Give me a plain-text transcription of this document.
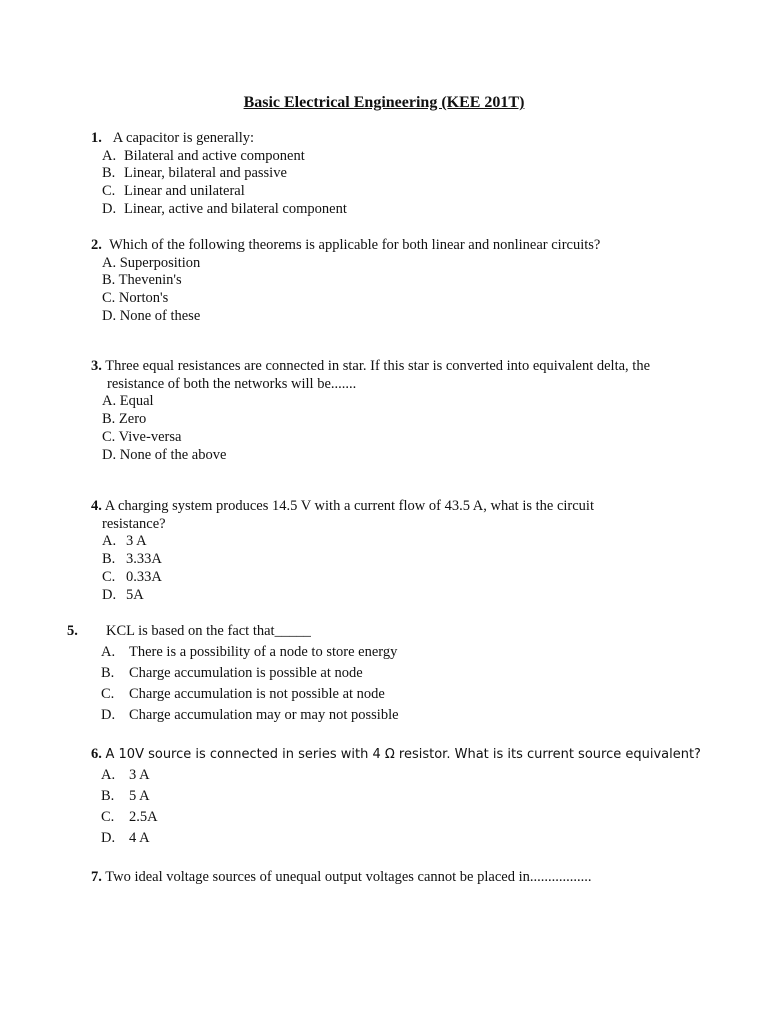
Basic Electrical Engineering (KEE 201T)
1. A capacitor is generally:
A. Bilateral and active component
B. Linear, bilateral and passive
C. Linear and unilateral
D. Linear, active and bilateral component
2. Which of the following theorems is applicable for both linear and nonlinear circuits?
A. Superposition
B. Thevenin's
C. Norton's
D. None of these
3. Three equal resistances are connected in star. If this star is converted into equivalent delta, the
resistance of both the networks will be.......
A. Equal
B. Zero
C. Vive-versa
D. None of the above
4. A charging system produces 14.5 V with a current flow of 43.5 A, what is the circuit
resistance?
A. 3 A
B. 3.33A
C. 0.33A
D. 5A
5.	KCL is based on the fact that_____
A. There is a possibility of a node to store energy
B.	Charge accumulation is possible at node
C.	Charge accumulation is not possible at node
D. Charge accumulation may or may not possible
6. A 10V source is connected in series with 4 Ω resistor. What is its current source equivalent?
A. 3 A
B.	5 A
C.	2.5A
D. 4 A
7. Two ideal voltage sources of unequal output voltages cannot be placed in.................
